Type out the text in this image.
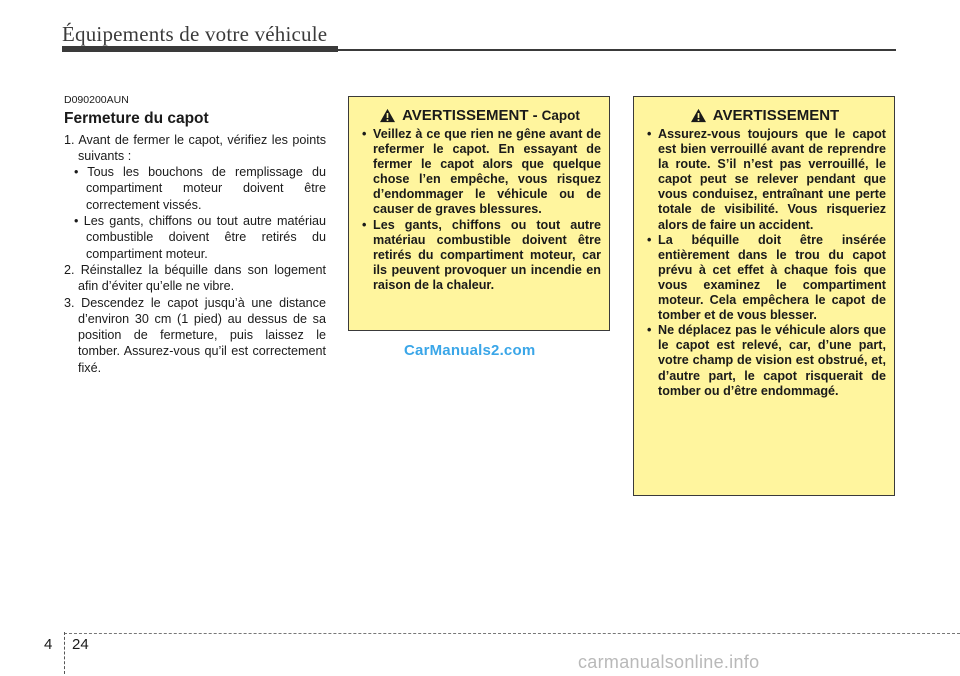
Équipements de votre véhicule
D090200AUN
Fermeture du capot
1. Avant de fermer le capot, vérifiez les points suivants :
• Tous les bouchons de remplissage du compartiment moteur doivent être correctement vissés.
• Les gants, chiffons ou tout autre matériau combustible doivent être retirés du compartiment moteur.
2. Réinstallez la béquille dans son logement afin d’éviter qu’elle ne vibre.
3. Descendez le capot jusqu’à une distance d’environ 30 cm (1 pied) au dessus de sa position de fermeture, puis laissez le tomber. Assurez-vous qu’il est correctement fixé.
AVERTISSEMENT - Capot
• Veillez à ce que rien ne gêne avant de refermer le capot. En essayant de fermer le capot alors que quelque chose l’en empêche, vous risquez d’endommager le véhicule ou de causer de graves blessures.
• Les gants, chiffons ou tout autre matériau combustible doivent être retirés du compartiment moteur, car ils peuvent provoquer un incendie en raison de la chaleur.
AVERTISSEMENT
• Assurez-vous toujours que le capot est bien verrouillé avant de reprendre la route. S’il n’est pas verrouillé, le capot peut se relever pendant que vous conduisez, entraînant une perte totale de visibilité. Vous risqueriez alors de faire un accident.
• La béquille doit être insérée entièrement dans le trou du capot prévu à cet effet à chaque fois que vous examinez le compartiment moteur. Cela empêchera le capot de tomber et de vous blesser.
• Ne déplacez pas le véhicule alors que le capot est relevé, car, d’une part, votre champ de vision est obstrué, et, d’autre part, le capot risquerait de tomber ou d’être endommagé.
CarManuals2.com
4 24
carmanualsonline.info
